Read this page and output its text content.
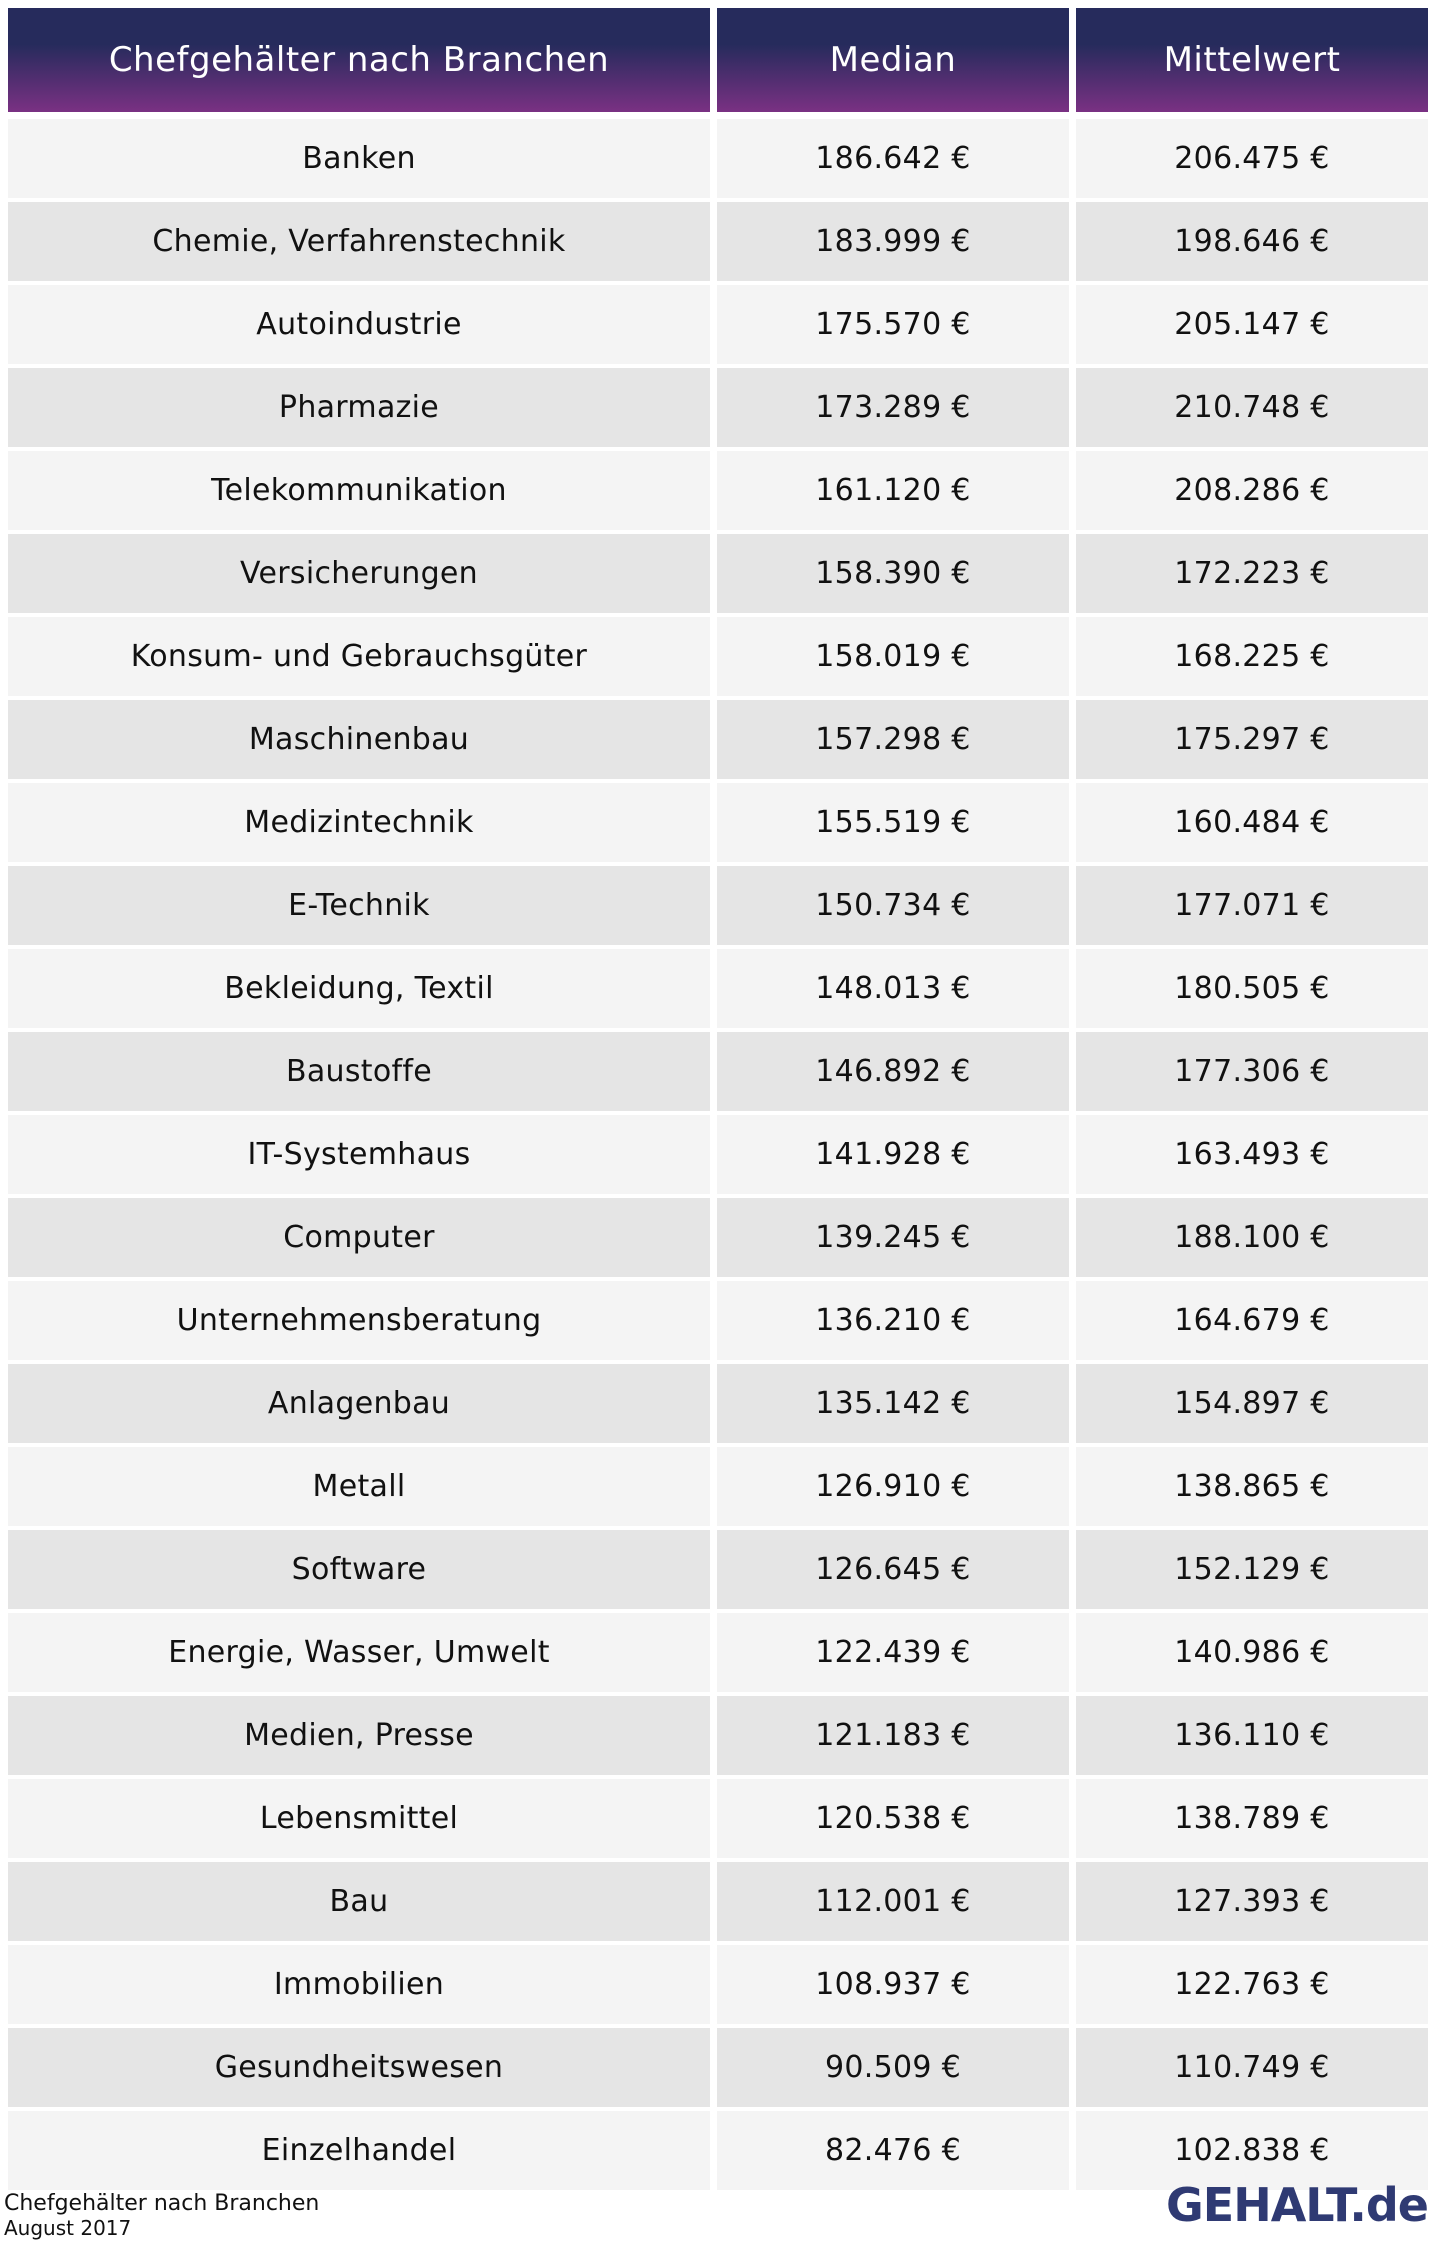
Chefgehälter nach Branchen	Median	Mittelwert
Banken	186.642 €	206.475 €
Chemie, Verfahrenstechnik	183.999 €	198.646 €
Autoindustrie	175.570 €	205.147 €
Pharmazie	173.289 €	210.748 €
Telekommunikation	161.120 €	208.286 €
Versicherungen	158.390 €	172.223 €
Konsum- und Gebrauchsgüter	158.019 €	168.225 €
Maschinenbau	157.298 €	175.297 €
Medizintechnik	155.519 €	160.484 €
E-Technik	150.734 €	177.071 €
Bekleidung, Textil	148.013 €	180.505 €
Baustoffe	146.892 €	177.306 €
IT-Systemhaus	141.928 €	163.493 €
Computer	139.245 €	188.100 €
Unternehmensberatung	136.210 €	164.679 €
Anlagenbau	135.142 €	154.897 €
Metall	126.910 €	138.865 €
Software	126.645 €	152.129 €
Energie, Wasser, Umwelt	122.439 €	140.986 €
Medien, Presse	121.183 €	136.110 €
Lebensmittel	120.538 €	138.789 €
Bau	112.001 €	127.393 €
Immobilien	108.937 €	122.763 €
Gesundheitswesen	90.509 €	110.749 €
Einzelhandel	82.476 €	102.838 €
Chefgehälter nach Branchen
August 2017	GEHALT.de
